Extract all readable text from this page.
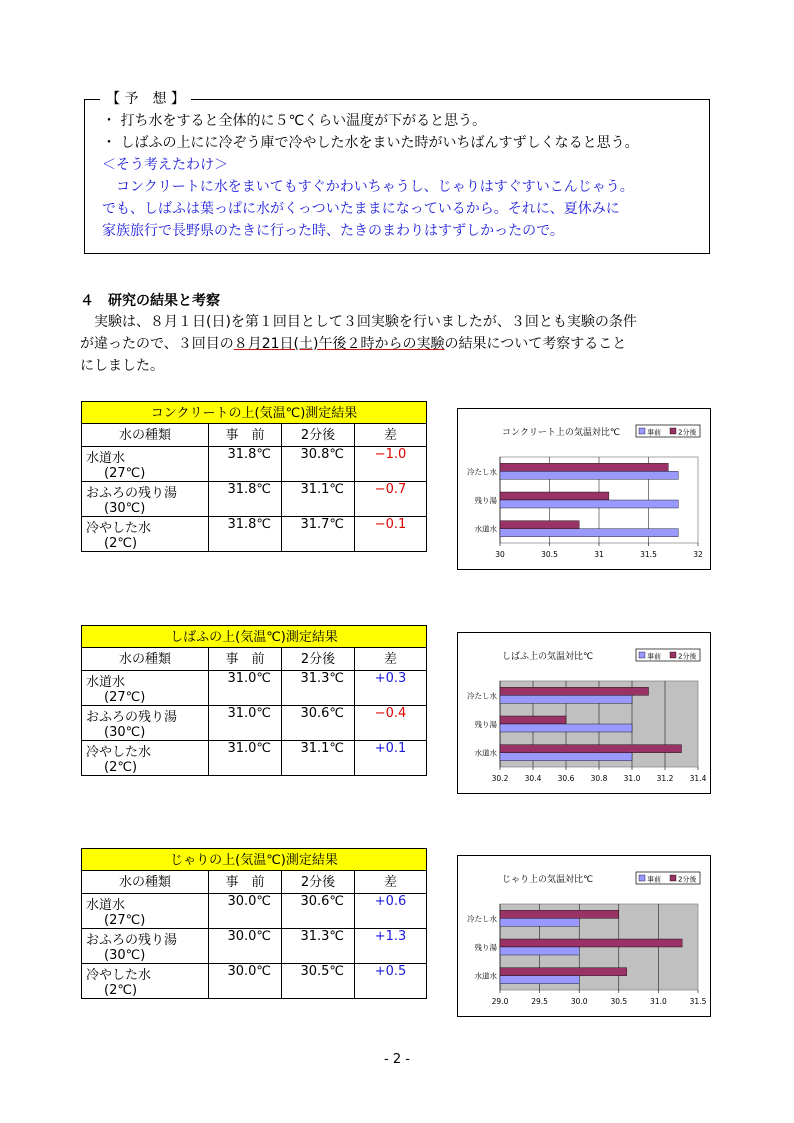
【 予　想 】
・ 打ち水をすると全体的に５℃くらい温度が下がると思う。
・ しばふの上にに冷ぞう庫で冷やした水をまいた時がいちばんすずしくなると思う。
＜そう考えたわけ＞
　コンクリートに水をまいてもすぐかわいちゃうし、じゃりはすぐすいこんじゃう。
でも、しばふは葉っぱに水がくっついたままになっているから。それに、夏休みに
家族旅行で長野県のたきに行った時、たきのまわりはすずしかったので。
４　研究の結果と考察
　実験は、８月１日(日)を第１回目として３回実験を行いましたが、３回とも実験の条件
が違ったので、３回目の８月21日(土)午後２時からの実験の結果について考察すること
にしました。
コンクリートの上(気温℃)測定結果			
水の種類	事　前	2分後	差

水道水
(27℃)	31.8℃	30.8℃	−1.0

おふろの残り湯
(30℃)	31.8℃	31.1℃	−0.7

冷やした水
(2℃)	31.8℃	31.7℃	−0.1
しばふの上(気温℃)測定結果			
水の種類	事　前	2分後	差

水道水
(27℃)	31.0℃	31.3℃	+0.3

おふろの残り湯
(30℃)	31.0℃	30.6℃	−0.4

冷やした水
(2℃)	31.0℃	31.1℃	+0.1
じゃりの上(気温℃)測定結果			
水の種類	事　前	2分後	差

水道水
(27℃)	30.0℃	30.6℃	+0.6

おふろの残り湯
(30℃)	30.0℃	31.3℃	+1.3

冷やした水
(2℃)	30.0℃	30.5℃	+0.5
コンクリート上の気温対比℃	事前 2分後
30	30.5	31	31.5	32
冷たし水
残り湯
水道水
しばふ上の気温対比℃	事前 2分後
30.2 30.4 30.6 30.8 31.0 31.2 31.4
冷たし水
残り湯
水道水
じゃり上の気温対比℃	事前 2分後
29.0	29.5	30.0	30.5	31.0	31.5
冷たし水
残り湯
水道水
- 2 -
